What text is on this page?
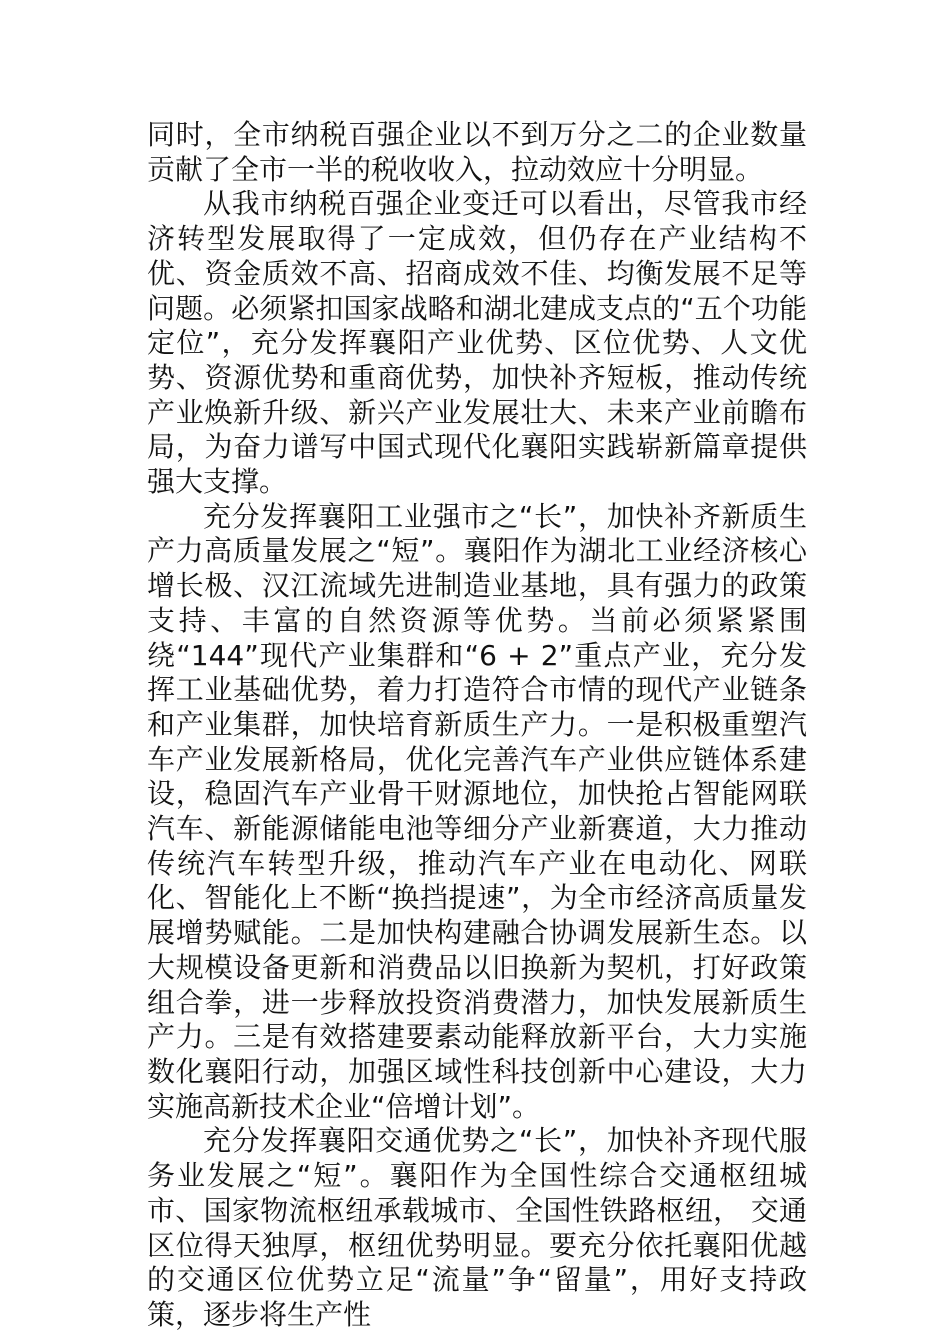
同时，全市纳税百强企业以不到万分之二的企业数量贡献了全市一半的税收收入，拉动效应十分明显。

从我市纳税百强企业变迁可以看出，尽管我市经济转型发展取得了一定成效，但仍存在产业结构不优、资金质效不高、招商成效不佳、均衡发展不足等问题。必须紧扣国家战略和湖北建成支点的“五个功能定位”，充分发挥襄阳产业优势、区位优势、人文优势、资源优势和重商优势，加快补齐短板，推动传统产业焕新升级、新兴产业发展壮大、未来产业前瞻布局，为奋力谱写中国式现代化襄阳实践崭新篇章提供强大支撑。

充分发挥襄阳工业强市之“长”，加快补齐新质生产力高质量发展之“短”。襄阳作为湖北工业经济核心增长极、汉江流域先进制造业基地，具有强力的政策支持、丰富的自然资源等优势。当前必须紧紧围绕“144”现代产业集群和“6 + 2”重点产业，充分发挥工业基础优势，着力打造符合市情的现代产业链条和产业集群，加快培育新质生产力。一是积极重塑汽车产业发展新格局，优化完善汽车产业供应链体系建设，稳固汽车产业骨干财源地位，加快抢占智能网联汽车、新能源储能电池等细分产业新赛道，大力推动传统汽车转型升级，推动汽车产业在电动化、网联化、智能化上不断“换挡提速”，为全市经济高质量发展增势赋能。二是加快构建融合协调发展新生态。以大规模设备更新和消费品以旧换新为契机，打好政策组合拳，进一步释放投资消费潜力，加快发展新质生产力。三是有效搭建要素动能释放新平台，大力实施数化襄阳行动，加强区域性科技创新中心建设，大力实施高新技术企业“倍增计划”。

充分发挥襄阳交通优势之“长”，加快补齐现代服务业发展之“短”。襄阳作为全国性综合交通枢纽城市、国家物流枢纽承载城市、全国性铁路枢纽， 交通区位得天独厚，枢纽优势明显。要充分依托襄阳优越的交通区位优势立足“流量”争“留量”，用好支持政策，逐步将生产性
